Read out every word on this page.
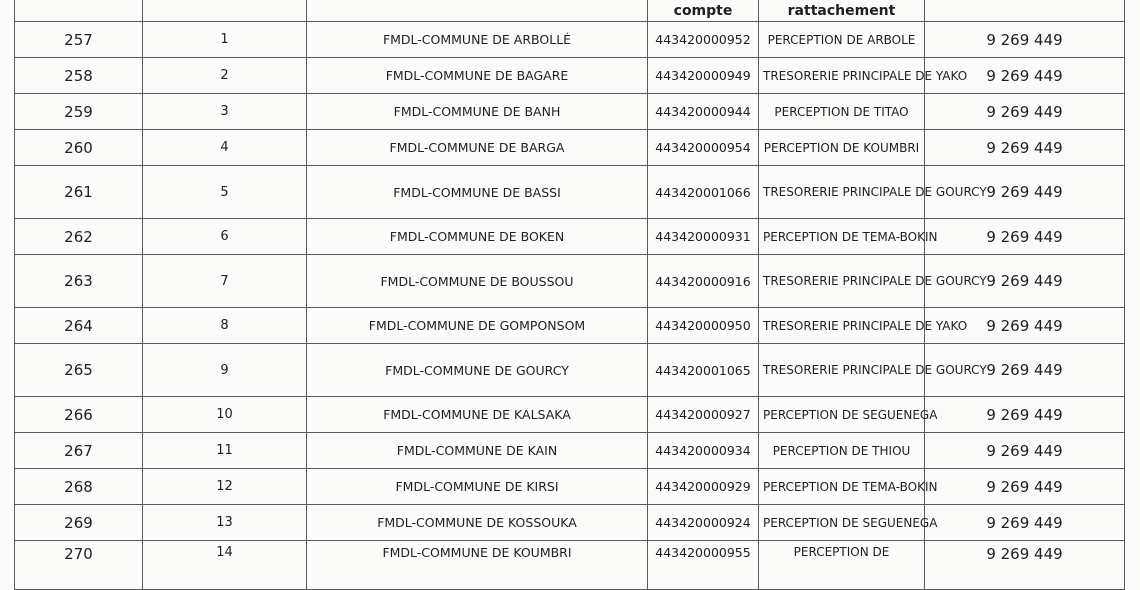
			compte	rattachement	
257	1	FMDL-COMMUNE DE ARBOLLÉ	443420000952	PERCEPTION DE ARBOLE	9 269 449
258	2	FMDL-COMMUNE DE BAGARE	443420000949	TRESORERIE PRINCIPALE DE YAKO	9 269 449
259	3	FMDL-COMMUNE DE BANH	443420000944	PERCEPTION DE TITAO	9 269 449
260	4	FMDL-COMMUNE DE BARGA	443420000954	PERCEPTION DE KOUMBRI	9 269 449
261	5	FMDL-COMMUNE DE BASSI	443420001066	TRESORERIE PRINCIPALE DE GOURCY	9 269 449
262	6	FMDL-COMMUNE DE BOKEN	443420000931	PERCEPTION DE TEMA-BOKIN	9 269 449
263	7	FMDL-COMMUNE DE BOUSSOU	443420000916	TRESORERIE PRINCIPALE DE GOURCY	9 269 449
264	8	FMDL-COMMUNE DE GOMPONSOM	443420000950	TRESORERIE PRINCIPALE DE YAKO	9 269 449
265	9	FMDL-COMMUNE DE GOURCY	443420001065	TRESORERIE PRINCIPALE DE GOURCY	9 269 449
266	10	FMDL-COMMUNE DE KALSAKA	443420000927	PERCEPTION DE SEGUENEGA	9 269 449
267	11	FMDL-COMMUNE DE KAIN	443420000934	PERCEPTION DE THIOU	9 269 449
268	12	FMDL-COMMUNE DE KIRSI	443420000929	PERCEPTION DE TEMA-BOKIN	9 269 449
269	13	FMDL-COMMUNE DE KOSSOUKA	443420000924	PERCEPTION DE SEGUENEGA	9 269 449
270	14	FMDL-COMMUNE DE KOUMBRI	443420000955	PERCEPTION DE	9 269 449
